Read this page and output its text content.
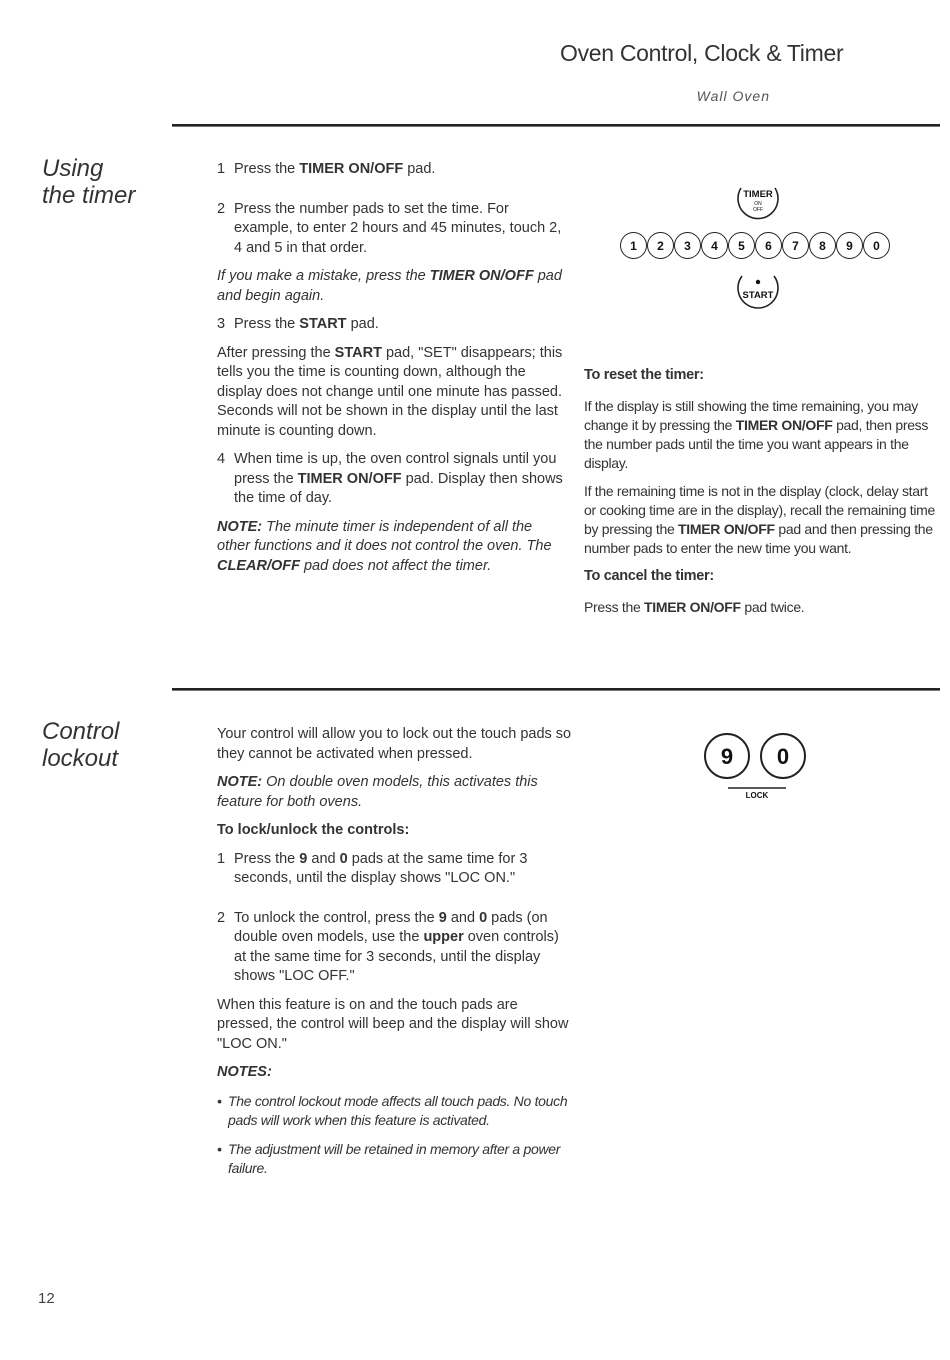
Oven Control, Clock & Timer
Wall Oven
Using
the timer
1 Press the TIMER ON/OFF pad.
2 Press the number pads to set the time. For example, to enter 2 hours and 45 minutes, touch 2, 4 and 5 in that order.
If you make a mistake, press the TIMER ON/OFF pad and begin again.
3 Press the START pad.

After pressing the START pad, "SET" disappears; this tells you the time is counting down, although the display does not change until one minute has passed. Seconds will not be shown in the display until the last minute is counting down.

4 When time is up, the oven control signals until you press the TIMER ON/OFF pad. Display then shows the time of day.
NOTE: The minute timer is independent of all the other functions and it does not control the oven. The CLEAR/OFF pad does not affect the timer.
TIMER
ON
OFF
1	2	3	4	5	6	7	8	9	0
START
To reset the timer:

If the display is still showing the time remaining, you may change it by pressing the TIMER ON/OFF pad, then press the number pads until the time you want appears in the display.

If the remaining time is not in the display (clock, delay start or cooking time are in the display), recall the remaining time by pressing the TIMER ON/OFF pad and then pressing the number pads to enter the new time you want.

To cancel the timer:

Press the TIMER ON/OFF pad twice.

Control
lockout

Your control will allow you to lock out the touch pads so they cannot be activated when pressed.

NOTE: On double oven models, this activates this feature for both ovens.
To lock/unlock the controls:
1 Press the 9 and 0 pads at the same time for 3 seconds, until the display shows "LOC ON."
2 To unlock the control, press the 9 and 0 pads (on double oven models, use the upper oven controls) at the same time for 3 seconds, until the display shows "LOC OFF."

When this feature is on and the touch pads are pressed, the control will beep and the display will show "LOC ON."

NOTES:
• The control lockout mode affects all touch pads. No touch pads will work when this feature is activated.
• The adjustment will be retained in memory after a power failure.
9 0
LOCK
12
